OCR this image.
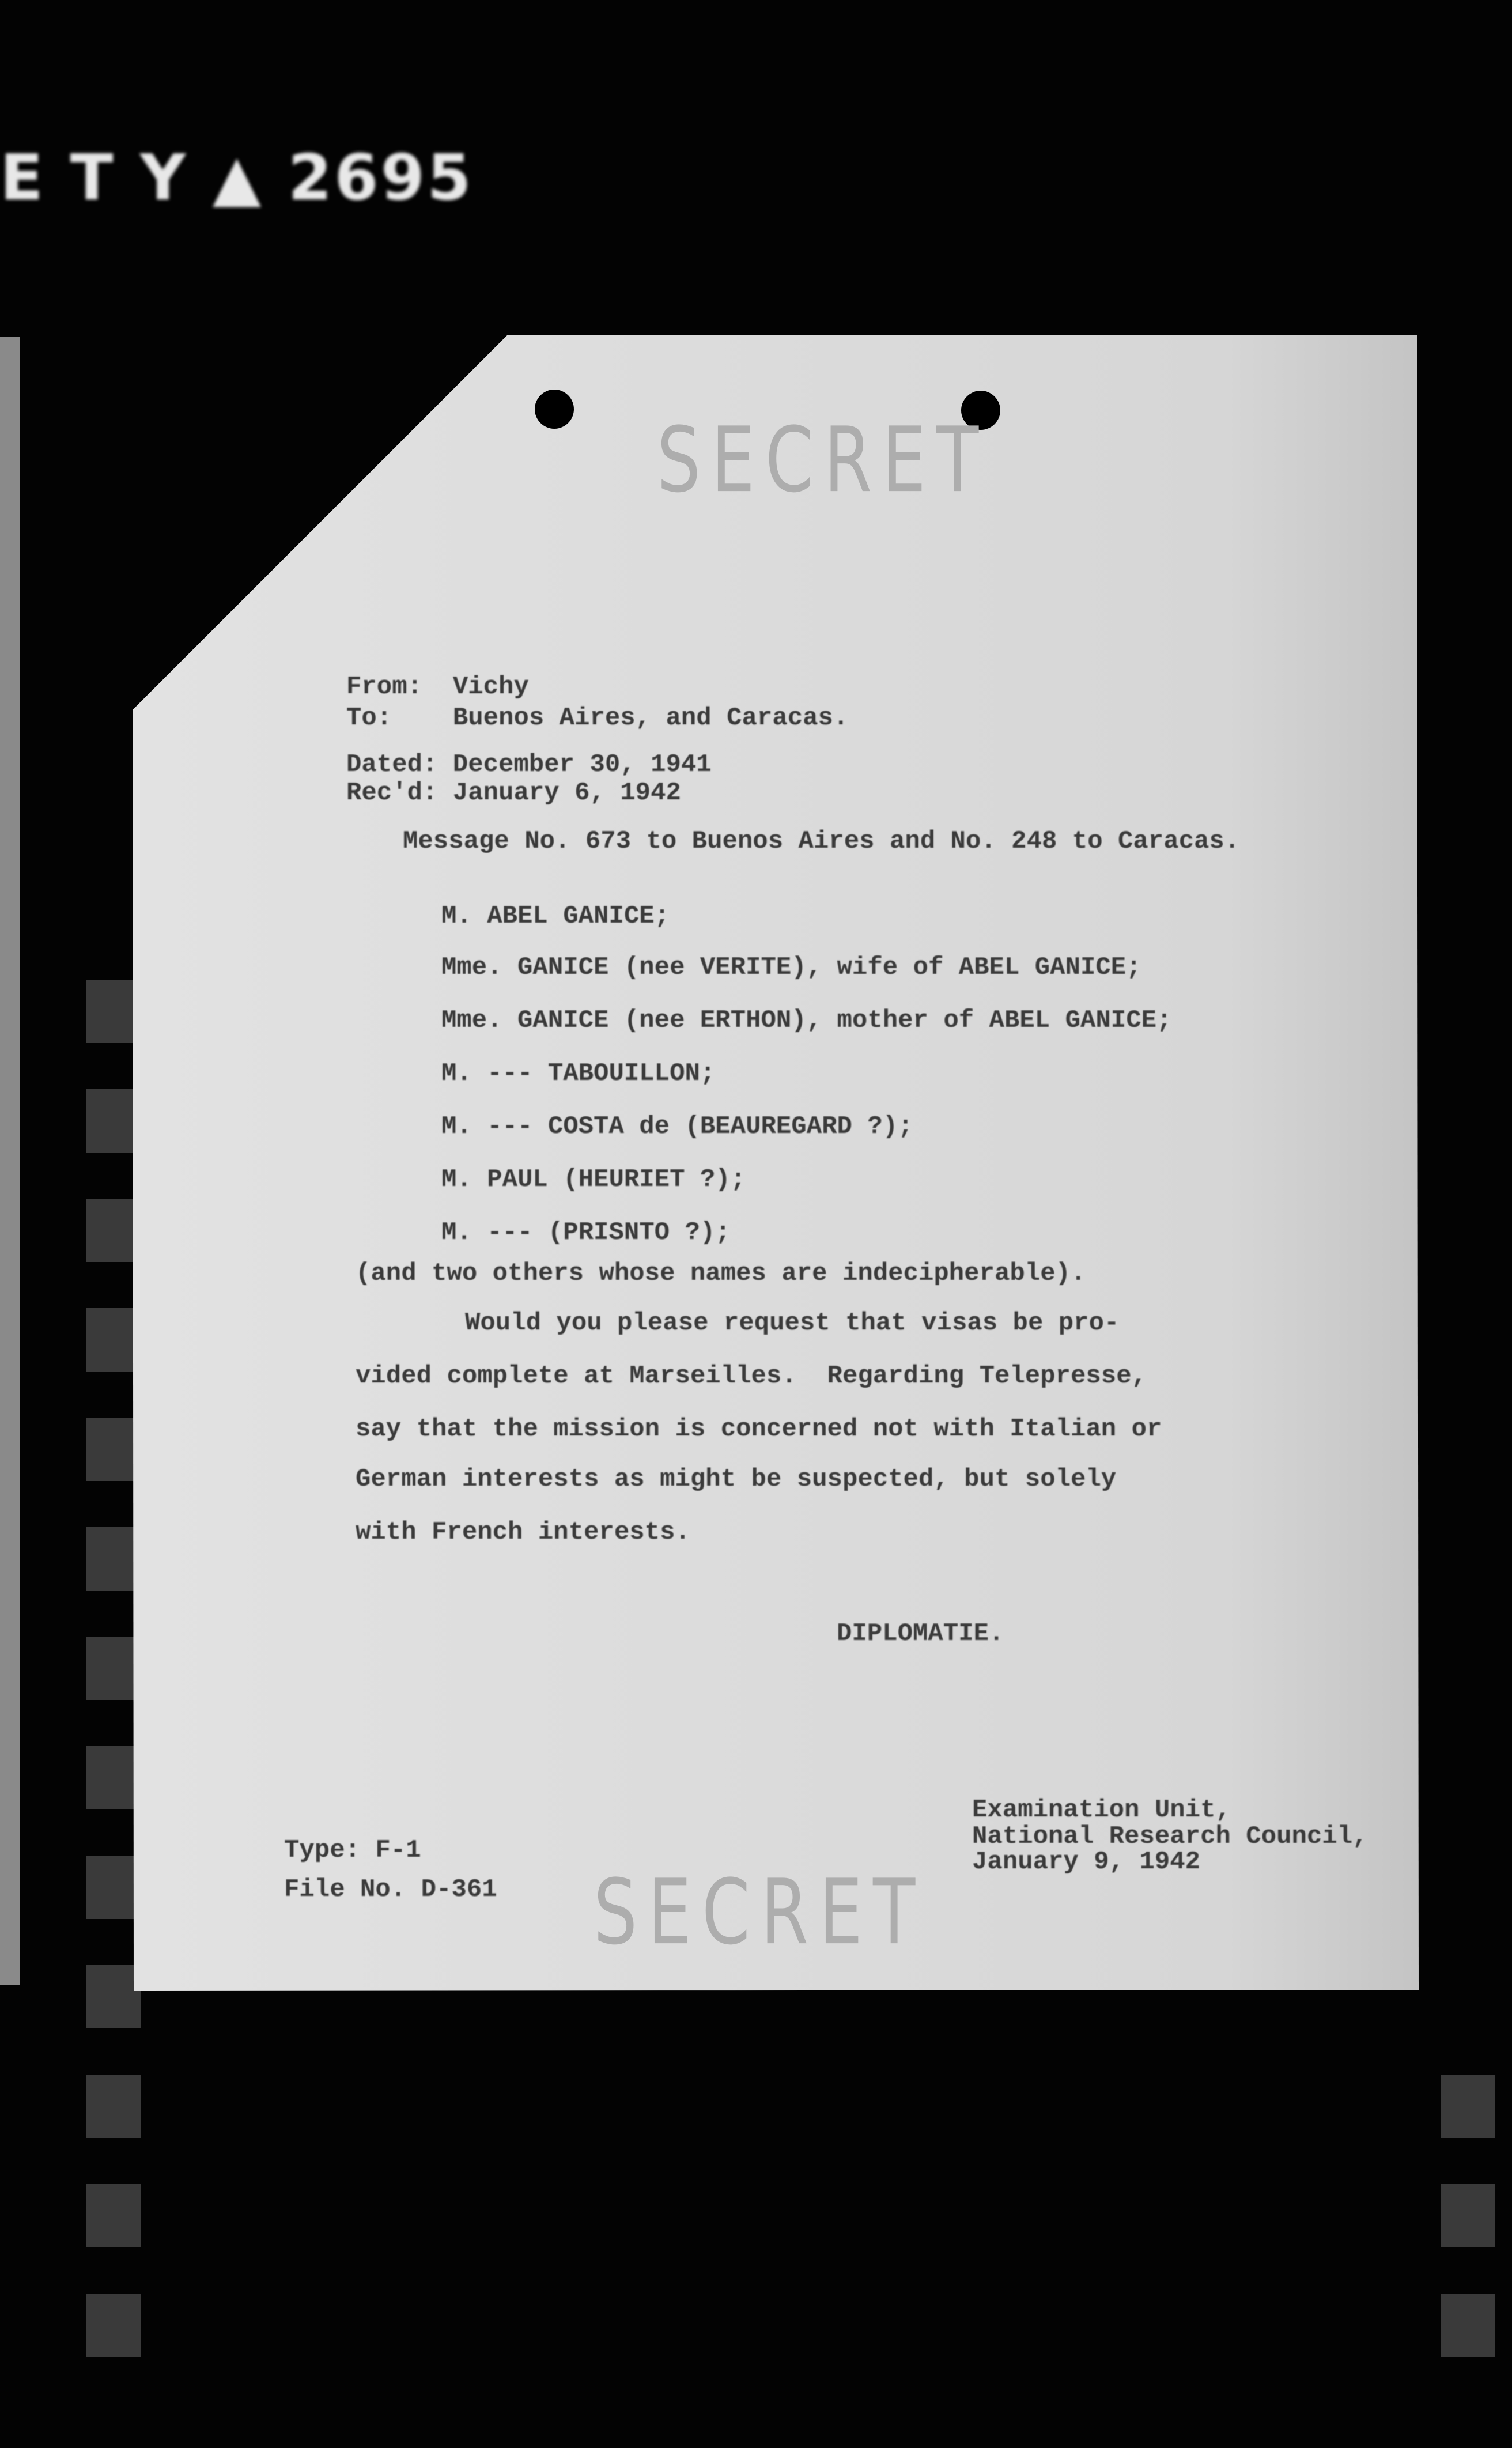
E T Y ▲ 2695
SECRET
SECRET
From:  Vichy
To:    Buenos Aires, and Caracas.
Dated: December 30, 1941
Rec'd: January 6, 1942
Message No. 673 to Buenos Aires and No. 248 to Caracas.
M. ABEL GANICE;
Mme. GANICE (nee VERITE), wife of ABEL GANICE;
Mme. GANICE (nee ERTHON), mother of ABEL GANICE;
M. --- TABOUILLON;
M. --- COSTA de (BEAUREGARD ?);
M. PAUL (HEURIET ?);
M. --- (PRISNTO ?);
(and two others whose names are indecipherable).
Would you please request that visas be pro-
vided complete at Marseilles.  Regarding Telepresse,
say that the mission is concerned not with Italian or
German interests as might be suspected, but solely
with French interests.
DIPLOMATIE.
Examination Unit,
National Research Council,
January 9, 1942
Type: F-1
File No. D-361
